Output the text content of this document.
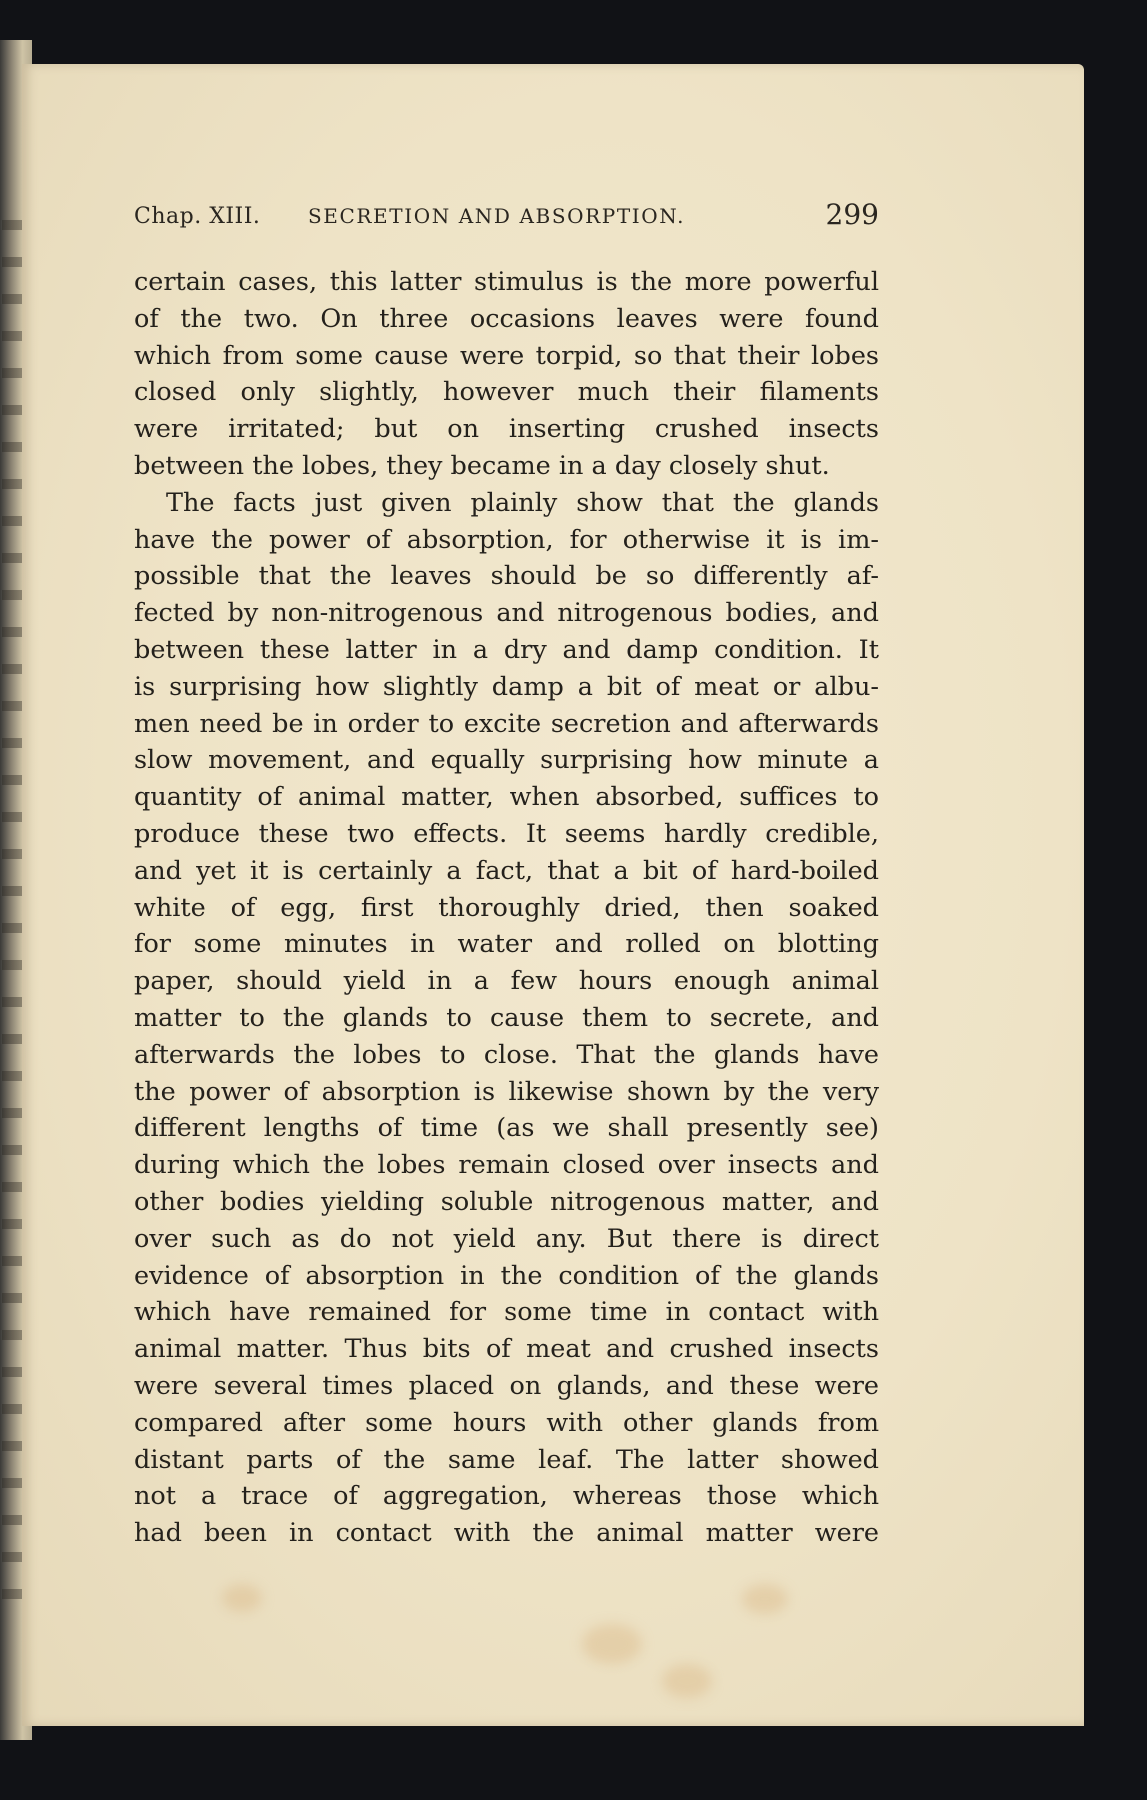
Chap. XIII. SECRETION AND ABSORPTION.	299
certain cases, this latter stimulus is the more powerful
of the two. On three occasions leaves were found
which from some cause were torpid, so that their lobes
closed only slightly, however much their filaments
were irritated; but on inserting crushed insects
between the lobes, they became in a day closely shut.
The facts just given plainly show that the glands
have the power of absorption, for otherwise it is im-
possible that the leaves should be so differently af-
fected by non-nitrogenous and nitrogenous bodies, and
between these latter in a dry and damp condition. It
is surprising how slightly damp a bit of meat or albu-
men need be in order to excite secretion and afterwards
slow movement, and equally surprising how minute a
quantity of animal matter, when absorbed, suffices to
produce these two effects. It seems hardly credible,
and yet it is certainly a fact, that a bit of hard-boiled
white of egg, first thoroughly dried, then soaked
for some minutes in water and rolled on blotting
paper, should yield in a few hours enough animal
matter to the glands to cause them to secrete, and
afterwards the lobes to close. That the glands have
the power of absorption is likewise shown by the very
different lengths of time (as we shall presently see)
during which the lobes remain closed over insects and
other bodies yielding soluble nitrogenous matter, and
over such as do not yield any. But there is direct
evidence of absorption in the condition of the glands
which have remained for some time in contact with
animal matter. Thus bits of meat and crushed insects
were several times placed on glands, and these were
compared after some hours with other glands from
distant parts of the same leaf. The latter showed
not a trace of aggregation, whereas those which
had been in contact with the animal matter were
